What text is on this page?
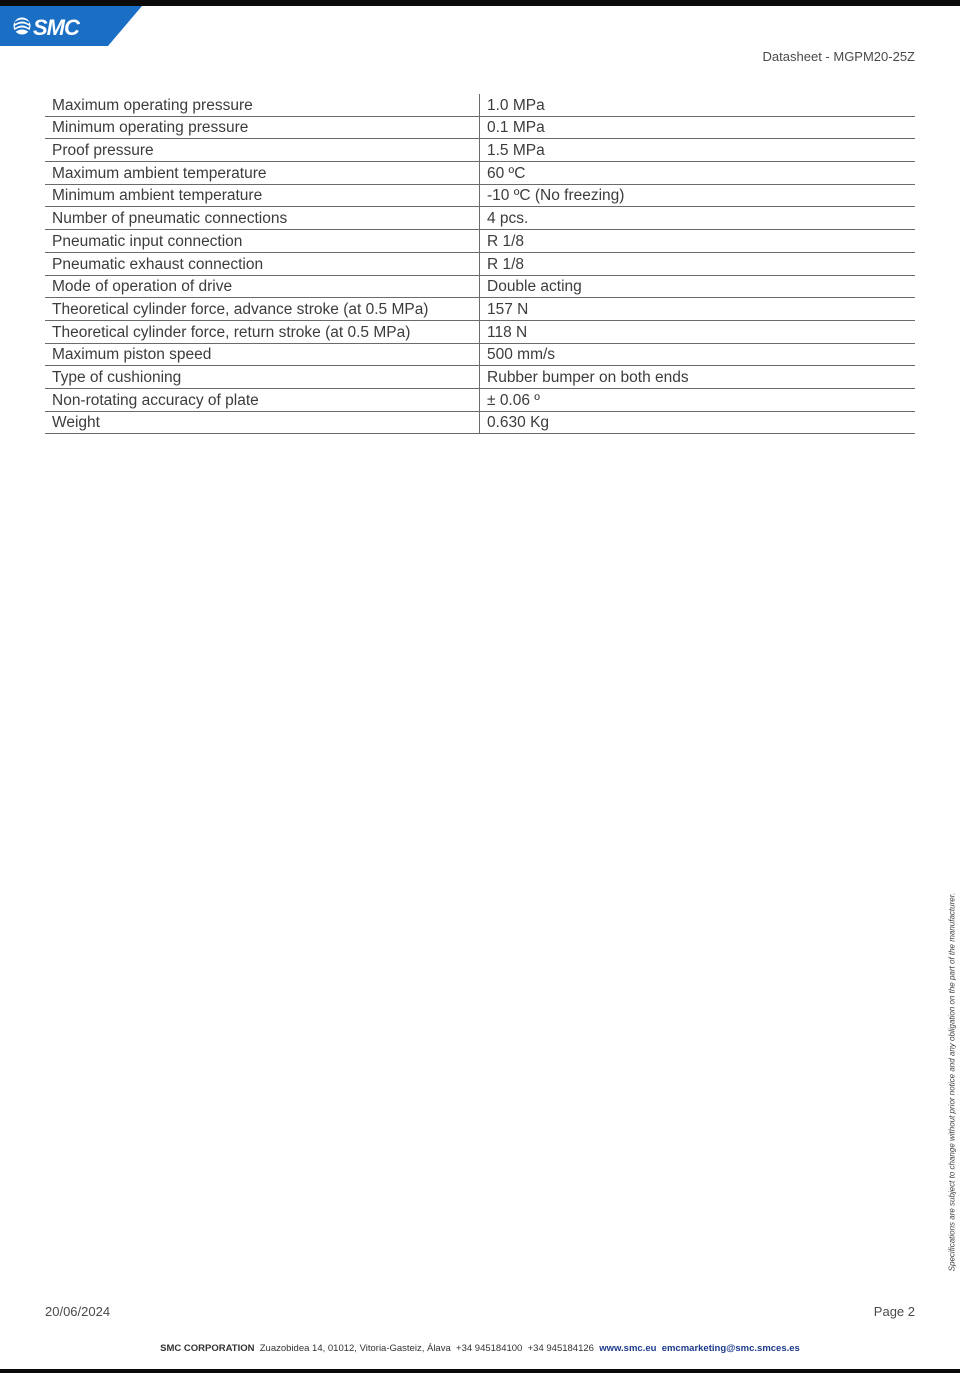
SMC
Datasheet - MGPM20-25Z
Maximum operating pressure	1.0 MPa
Minimum operating pressure	0.1 MPa
Proof pressure	1.5 MPa
Maximum ambient temperature	60 ºC
Minimum ambient temperature	-10 ºC (No freezing)
Number of pneumatic connections	4 pcs.
Pneumatic input connection	R 1/8
Pneumatic exhaust connection	R 1/8
Mode of operation of drive	Double acting
Theoretical cylinder force, advance stroke (at 0.5 MPa)	157 N
Theoretical cylinder force, return stroke (at 0.5 MPa)	118 N
Maximum piston speed	500 mm/s
Type of cushioning	Rubber bumper on both ends
Non-rotating accuracy of plate	± 0.06 º
Weight	0.630 Kg
Specifications are subject to change without prior notice and any obligation on the part of the manufacturer.
20/06/2024	Page 2
SMC CORPORATION Zuazobidea 14, 01012, Vitoria-Gasteiz, Álava +34 945184100 +34 945184126 www.smc.eu emcmarketing@smc.smces.es
